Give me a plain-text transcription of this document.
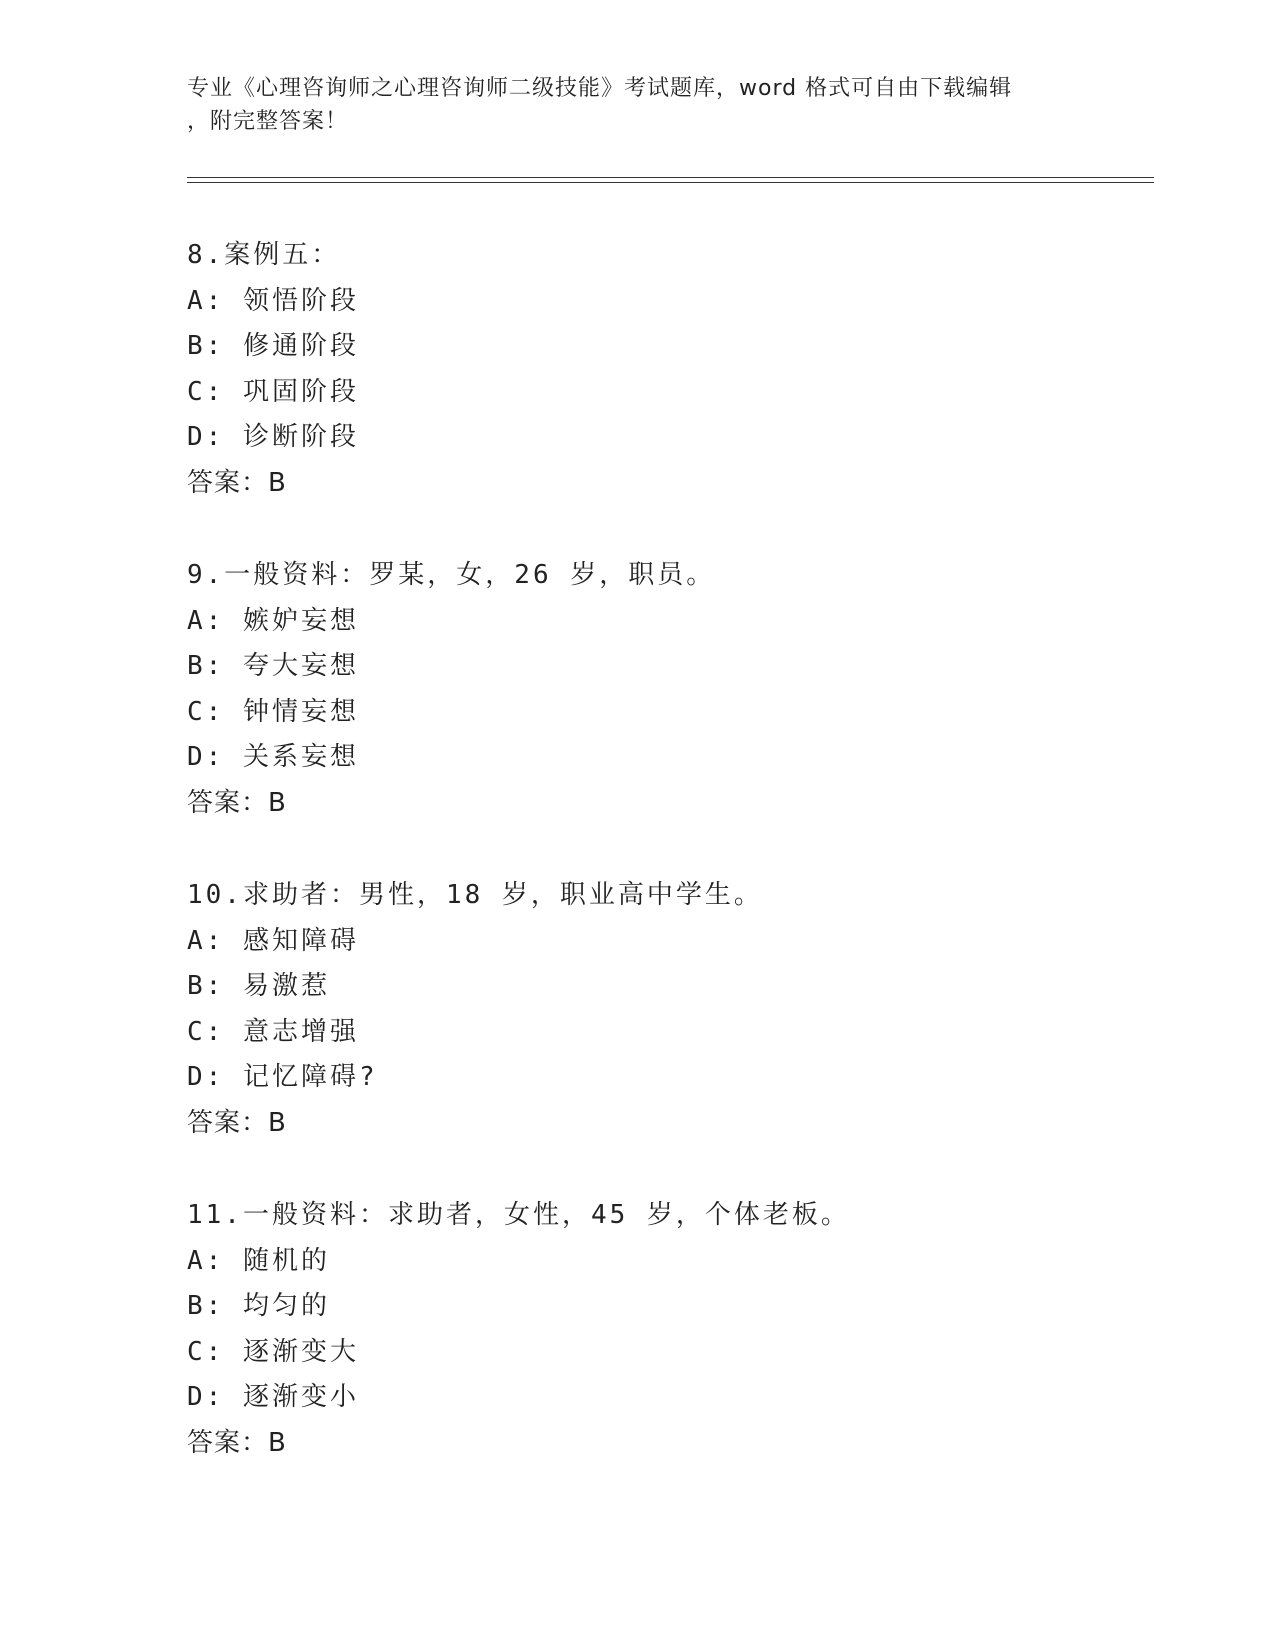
专业《心理咨询师之心理咨询师二级技能》考试题库，word 格式可自由下载编辑
，附完整答案！
8.案例五：
A: 领悟阶段
B: 修通阶段
C: 巩固阶段
D: 诊断阶段
答案：B
9.一般资料：罗某，女，26 岁，职员。
A: 嫉妒妄想
B: 夸大妄想
C: 钟情妄想
D: 关系妄想
答案：B
10.求助者：男性，18 岁，职业高中学生。
A: 感知障碍
B: 易激惹
C: 意志增强
D: 记忆障碍?
答案：B
11.一般资料：求助者，女性，45 岁，个体老板。
A: 随机的
B: 均匀的
C: 逐渐变大
D: 逐渐变小
答案：B
